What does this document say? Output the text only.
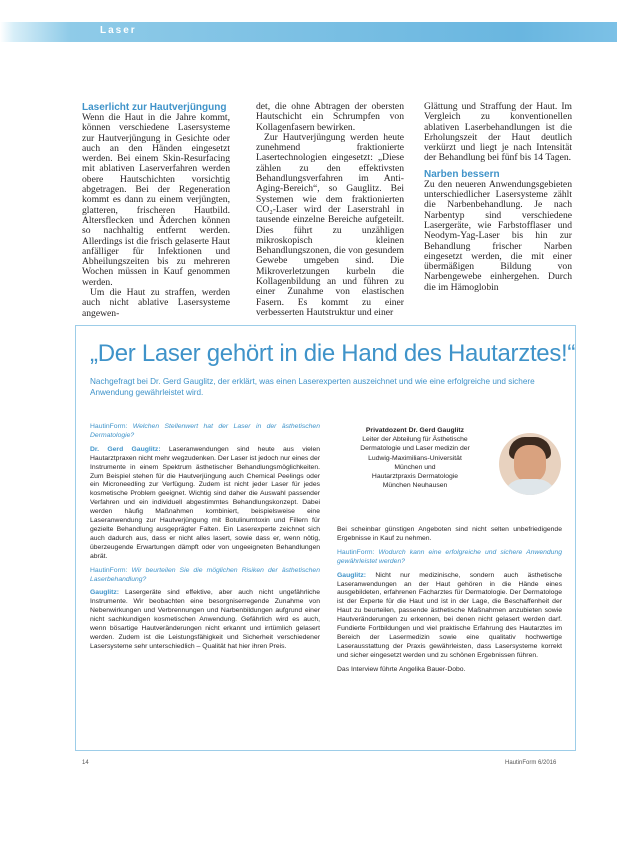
Laser
Laserlicht zur Hautverjüngung

Wenn die Haut in die Jahre kommt, können verschiedene Lasersysteme zur Hautverjüngung in Gesichte oder auch an den Händen eingesetzt werden. Bei einem Skin-Resurfacing mit ablativen Laserverfahren werden obere Hautschichten vorsichtig abgetragen. Bei der Regeneration kommt es dann zu einem verjüngten, glatteren, frischeren Hautbild. Altersflecken und Äderchen können so nachhaltig entfernt werden. Allerdings ist die frisch gelaserte Haut anfälliger für Infektionen und Abheilungszeiten bis zu mehreren Wochen müssen in Kauf genommen werden.

Um die Haut zu straffen, werden auch nicht ablative Lasersysteme angewen-

det, die ohne Abtragen der obersten Hautschicht ein Schrumpfen von Kollagenfasern bewirken.

Zur Hautverjüngung werden heute zunehmend fraktionierte Lasertechnologien eingesetzt: „Diese zählen zu den effektivsten Behandlungsverfahren im Anti-Aging-Bereich“, so Gauglitz. Bei Systemen wie dem fraktionierten CO₂-Laser wird der Laserstrahl in tausende einzelne Bereiche aufgeteilt. Dies führt zu unzähligen mikroskopisch kleinen Behandlungszonen, die von gesundem Gewebe umgeben sind. Die Mikroverletzungen kurbeln die Kollagenbildung an und führen zu einer Zunahme von elastischen Fasern. Es kommt zu einer verbesserten Hautstruktur und einer

Glättung und Straffung der Haut. Im Vergleich zu konventionellen ablativen Laserbehandlungen ist die Erholungszeit der Haut deutlich verkürzt und liegt je nach Intensität der Behandlung bei fünf bis 14 Tagen.

Narben bessern

Zu den neueren Anwendungsgebieten unterschiedlicher Lasersysteme zählt die Narbenbehandlung. Je nach Narbentyp sind verschiedene Lasergeräte, wie Farbstofflaser und Neodym-Yag-Laser bis hin zur Behandlung frischer Narben eingesetzt werden, die mit einer übermäßigen Bildung von Narbengewebe einhergehen. Durch die im Hämoglobin

„Der Laser gehört in die Hand des Hautarztes!“
Nachgefragt bei Dr. Gerd Gauglitz, der erklärt, was einen Laserexperten auszeichnet und wie eine erfolgreiche und sichere Anwendung gewährleistet wird.

HautinForm: Welchen Stellenwert hat der Laser in der ästhetischen Dermatologie?

Dr. Gerd Gauglitz: Laseranwendungen sind heute aus vielen Hautarztpraxen nicht mehr wegzudenken. Der Laser ist jedoch nur eines der Instrumente in einem Spektrum ästhetischer Behandlungsmöglichkeiten. Zum Beispiel stehen für die Hautverjüngung auch Chemical Peelings oder ein Microneedling zur Verfügung. Zudem ist nicht jeder Laser für jedes kosmetische Problem geeignet. Wichtig sind daher die Auswahl passender Verfahren und ein individuell abgestimmtes Behandlungskonzept. Dabei werden häufig Maßnahmen kombiniert, beispielsweise eine Laseranwendung zur Hautverjüngung mit Botulinumtoxin und Fillern für gezielte Behandlung ausgeprägter Falten. Ein Laserexperte zeichnet sich auch dadurch aus, dass er nicht alles lasert, sowie dass er, wenn nötig, überzeugende Erwartungen dämpft oder von ungeeigneten Behandlungen abrät.

HautinForm: Wir beurteilen Sie die möglichen Risiken der ästhetischen Laserbehandlung?

Gauglitz: Lasergeräte sind effektive, aber auch nicht ungefährliche Instrumente. Wir beobachten eine besorgniserregende Zunahme von Nebenwirkungen und Verbrennungen und Narbenbildungen aufgrund einer nicht sachkundigen kosmetischen Anwendung. Gefährlich wird es auch, wenn bösartige Hautveränderungen nicht erkannt und irrtümlich gelasert werden. Zudem ist die Leistungsfähigkeit und Sicherheit verschiedener Lasersysteme sehr unterschiedlich – Qualität hat hier ihren Preis.

Privatdozent Dr. Gerd Gauglitz
Leiter der Abteilung für Ästhetische
Dermatologie und Laser medizin der
Ludwig-Maximilians-Universität
München und
Hautarztpraxis Dermatologie
München Neuhausen

Bei scheinbar günstigen Angeboten sind nicht selten unbefriedigende Ergebnisse in Kauf zu nehmen.

HautinForm: Wodurch kann eine erfolgreiche und sichere Anwendung gewährleistet werden?

Gauglitz: Nicht nur medizinische, sondern auch ästhetische Laseranwendungen an der Haut gehören in die Hände eines ausgebildeten, erfahrenen Facharztes für Dermatologie. Der Dermatologe ist der Experte für die Haut und ist in der Lage, die Beschaffenheit der Haut zu beurteilen, passende ästhetische Maßnahmen anzubieten sowie Hautveränderungen zu erkennen, bei denen nicht gelasert werden darf. Fundierte Fortbildungen und viel praktische Erfahrung des Hautarztes im Bereich der Lasermedizin sowie eine qualitativ hochwertige Laserausstattung der Praxis gewährleisten, dass Lasersysteme korrekt und sicher eingesetzt werden und zu schönen Ergebnissen führen.

Das Interview führte Angelika Bauer-Dobo.

14	HautinForm 6/2016
